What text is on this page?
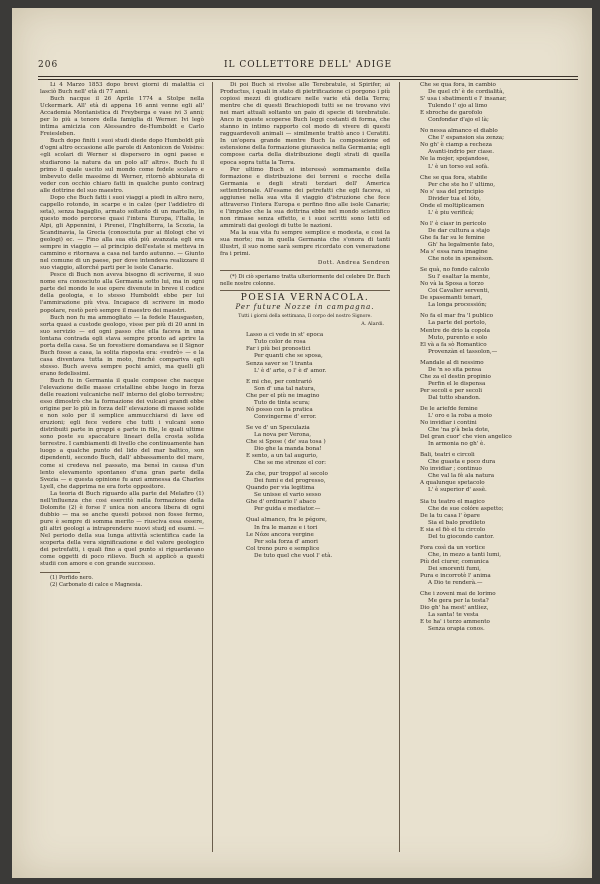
206	IL COLLETTORE DELL' ADIGE

Li 4 Marzo 1853 dopo brevi giorni di malattia ci lasciò Buch nell' età di 77 anni.

Buch nacque il 26 Aprile 1774 a Stolpe nella Uckermark. All' età di appena 16 anni venne egli all' Accademia Montanistica di Freyberga e vase ivi 3 anni; per lo più a tenore della famiglia di Werner. Ivi legò intima amicizia con Alessandro de-Humboldt e Carlo Freiesleben.

Buch dopo finiti i suoi studi diede dopo Humboldt più d'ogni altro occasione alle parole di Antonicon de Voisins: «gli scolari di Werner si dispersero in ogni paese e studiarono la natura da un polo all' altro». Buch fu il primo il quale uscito sul mondo come fedele scolaro e imbevuto delle massime di Werner, ritornò abbiurata di veder con occhio chiaro fatti in qualche punto contrarj alle dottrine del suo maestro.

Dopo che Buch fatti i suoi viaggi a piedi in altro nero, cappello rotondo, in scarpe e in calze (per l'addietro di seta), senza bagaglio, armato soltanto di un martello, in questo modo percorse quasi l'intera Europa, l'Italia, le Alpi, gli Appennini, i Pirenei, l'Inghilterra, la Scozia, la Scandinavia, la Grecia (conosciuta pur ai filologi che vi geologi) ec. — Fino alla sua età più avanzata egli era sempre in viaggio — al principio dell'estate si metteva in cammino e ritornava a casa nel tardo autunno. — Giunto nel comune di un paese, per dove intendeva realizzare il suo viaggio, allorché parti per le isole Canarie.

Pesce di Buch non aveva bisogno di scriverne, il suo nome era conosciuto alla Germania sotto lui, ma in ogni parte del mondo le sue opere divenute in breve il codice della geologia, e lo stesso Humboldt ebbe per lui l'ammirazione più viva. Incapace di scrivere in modo popolare, restò però sempre il maestro dei maestri.

Buch non fu ma ammogliato — la fedele Hausgasten, sorta quasi a custode geologo, visse per più di 20 anni in suo servizio — ed ogni passo che ella faceva in una lontana contrada egli stava sempre pronto ad aprire la porta della casa. Se un forestiere domandava se il Signor Buch fosse a casa, la solita risposta era: «vedrò» — e la casa diventava tutta in moto, finché compariva egli stesso. Buch aveva sempre pochi amici, ma quelli gli erano fedelissimi.

Buch fu in Germania il quale compose che nacque l'elevazione delle masse cristalline ebbe luogo in forza delle reazioni vulcaniche nell' interno del globo terrestre; esso dimostrò che la formazione dei vulcani grandi ebbe origine per lo più in forza dell' elevazione di masse solide e non solo per il semplice ammucchiarsi di lave ed eruzioni; egli fece vedere che tutti i vulcani sono distribuiti parte in gruppi e parte in file, le quali ultime sono poste su spaccature lineari della crosta solida terrestre. I cambiamenti di livello che continuamente han luogo a qualche punto del lido del mar baltico, son dipendenti, secondo Buch, dall' abbassamento del mare, come si credeva nel passato, ma bensì in causa d'un lento elevamento spontaneo d'una gran parte della Svezia — e questa opinione fu anzi ammessa da Charles Lyell, che dapprima ne era forte oppositore.

La teoria di Buch riguardo alla parte del Melafiro (1) nell'influenza che cosi esercitò nella formazione della Dolomite (2) è forse l' unica non ancora libera di ogni dubbio — ma se anche questi potessi non fosse fermo, pure è sempre di somma merito — riusciva essa essere, gli altri geologi a intraprendere nuovi studj ed esami. — Nel periodo della sua lunga attività scientifica cade la scoperta della vera significazione e del valore geologico dei petrefatti, i quali fino a quel punto si riguardavano come oggetti di poco rilievo. Buch si applicò a questi studii con amore e con grande successo.

(1) Porfido nero.

(2) Carbonato di calce e Magnesia.

Di poi Buch si rivolse alle Terebratule, si Spirifer, ai Productus, i quali in stato di pietrificazione ci porgono i più copiosi mezzi di giudicare nelle varie età della Terra; mentre che di questi Brachiopodi tutti se ne trovano vivi nei mari attuali soltanto un paio di specie di terebratule. Anco in queste scoperse Buch leggi costanti di forma, che stanno in intimo rapporto col modo di vivere di questi ragguardevoli animali — similmente trattò anco i Ceratiti. In un'opera grande mentre Buch la composizione ed estensione della formazione giurassica nella Germania; egli compose carta della distribuzione degli strati di quella epoca sopra tutta la Terra.

Per ultimo Buch si interessò sommamente della formazione e distribuzione dei terreni e rocche della Germania e degli strati terziari dell' America settentrionale. All'esame dei petrefatti che egli faceva, si aggiunse nella sua vita il viaggio d'istruzione che fece attraverso l'intera Europa e perfino fino alle isole Canarie; e l'impulso che la sua dottrina ebbe nel mondo scientifico non rimase senza effetto, e i suoi scritti sono letti ed ammirati dai geologi di tutte le nazioni.

Ma la sua vita fu sempre semplice e modesta, e cosi la sua morte; ma in quella Germania che s'onora di tanti illustri, il suo nome sarà sempre ricordato con venerazione fra i primi.

Dott. Andrea Sendren

(*) Di ciò speriamo tratta ulteriormente del celebre Dr. Buch nelle nostre colonne.

POESIA VERNACOLA.
Per future Nozze in campagna.
Tutti i giorni della settimana, Il corpo del nostro Signore.
A. Alardi.
Lasso a ci vede in st' epoca
Tuto color de rosa
Far i più bei pronostici
Per quanti che se sposa,
Senza saver se 'l tranta
L' è d' arte, o l' è d' amor.
E mi che, per contrarió
Son d' una tal natura,
Che per el più ne imagino
Tuto de tinta scura;
Nó posso con la pratica
Convingerme d' error.
Se ve d' un Speculazia
La nova per Verona,
Che si Spose ( de' sua tosa )
Dio ghe la manda bona!
E sento, a un tal augurio,
Che se me strenze el cor:
Za che, pur troppo! al secolo
Dei fumi e del progresso,
Quando per via legitima
Se unisse el vario sesso
Ghe d' ordinario l' abaco
Per guida e mediator.—
Qual almanco, fra le pégore,
In fra le manze e i tori
Le Nóze ancora vergine
Per sola forza d' amori
Col treno puro e semplice
De tuto quel che vuol l' età.
Che se qua fora, in cambio
De quel ch' è de cordialità,
S' usa i sbatimenti e l' insanar,
Tulendo l' ojo al limo
E sbroche de garofolo
Confondar d'ajo el là;
No nessa almanco el diablo
Che l' espansion sia zenza;
No gh' è ciamp a recheza
Avanti-indrio per ciase.
Ne la mojer, spojandose,
L' è un torso sul sofà.
Che se qua fora, stabile
Per che ste ho l' ultimo,
No s' usa del principio
Divider tua el lóto,
Onde el moltiplicamen
L' è piu verificá;
No l' è ciasr in pericolo
De dar cultura a stajo
Ghe fa far su le femine
Gh' ha legalmente fato,
Ma s' essa rara imagine
Che note in spensèson.
Se quà, no fondo calcolo
Su l' esaltar la mente,
No và la Sposa a torzo
Coi Cavalier serventi,
De spasemanti tenari,
La longa processión;
No fa el mar fra 'l publico
La parte del portolo,
Mentre de drio la copola
Muto, purento e solo
El và a fa sò Romantico
Provenzàn el tassolon,—
Mandale al di nessimo
De 'n so sita pensa
Che za el destin propinio
Perfin el le dispensa
Per secoli e per secoli
Dal tutto sbandon.
De le ariefde femine
L' oro e la roba a moio
No invidiar i contini
Che 'na p'à bela dote,
Del gran cuor' che vien angelico
In armonia no gh' è.
Bali, teatri e circoli
Che guasta e poco dura
No invidiar ; continuo
Che val la fè ala natura
A qualunque spetacolo
L' è superior d' assè.
Sia tu teatro el magico
Che de sue colóre aspetto;
De la tu casa l' òpare
Sia el balo predileto
E sia el fiò el tu circolo
Del tu giocondo cantor.
Fora così da un vortice
Che, in mezo a tanti lumi,
Più del ciurer, comunica
Dei smorenti fumi,
Pura e incorrotè l' anima
A Dio te renderà.—
Che i zoveni mai de lorimo
Me gera per la testa?
Dio gh' ha mest' antliez,
La santa! te vesta
E te ha' i terzo ammento
Senza orapia conos.
